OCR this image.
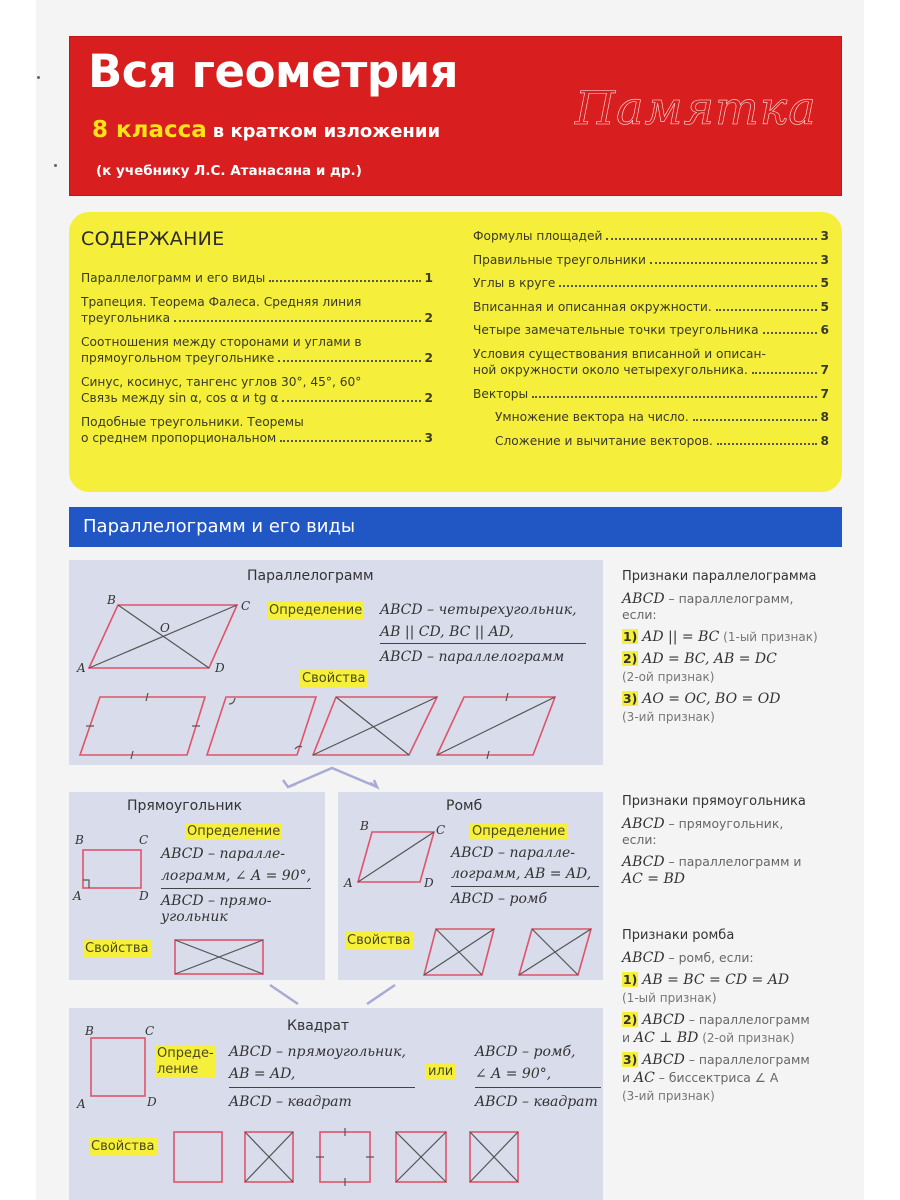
Вся геометрия
8 класса в кратком изложении
(к учебнику Л.С. Атанасяна и др.)
Памятка
СОДЕРЖАНИЕ
Параллелограмм и его виды	1
Трапеция. Теорема Фалеса. Средняя линия
треугольника	2
Соотношения между сторонами и углами в
прямоугольном треугольнике	2
Синус, косинус, тангенс углов 30°, 45°, 60°
Связь между sin α, cos α и tg α	2
Подобные треугольники. Теоремы
о среднем пропорциональном	3
Формулы площадей	3
Правильные треугольники	3
Углы в круге	5
Вписанная и описанная окружности.	5
Четыре замечательные точки треугольника	6
Условия существования вписанной и описан-
ной окружности около четырехугольника.	7
Векторы	7
Умножение вектора на число.	8
Сложение и вычитание векторов.	8
Параллелограмм и его виды
Параллелограмм
A
B	C
D
O
Определение ABCD – четырехугольник,
AB || CD, BC || AD,
ABCD – параллелограмм
Свойства
Прямоугольник
B	C
A	D
Определение
ABCD – паралле-
лограмм, ∠ A = 90°,
ABCD – прямо-
угольник
Свойства
Ромб
B	C
A	D
Определение
ABCD – паралле-
лограмм, AB = AD,
ABCD – ромб
Свойства
Квадрат
B	C
A	D
Опреде-
ление
ABCD – прямоугольник,
AB = AD,
ABCD – квадрат
или
ABCD – ромб,
∠ A = 90°,
ABCD – квадрат
Свойства
Признаки параллелограмма
ABCD – параллелограмм,
если:
1) AD || = BC (1-ый признак)
2) AD = BC, AB = DC
(2-ой признак)
3) AO = OC, BO = OD
(3-ий признак)
Признаки прямоугольника
ABCD – прямоугольник,
если:
ABCD – параллелограмм и
AC = BD
Признаки ромба
ABCD – ромб, если:
1) AB = BC = CD = AD
(1-ый признак)
2) ABCD – параллелограмм
и AC ⊥ BD (2-ой признак)
3) ABCD – параллелограмм
и AC – биссектриса ∠ A
(3-ий признак)
